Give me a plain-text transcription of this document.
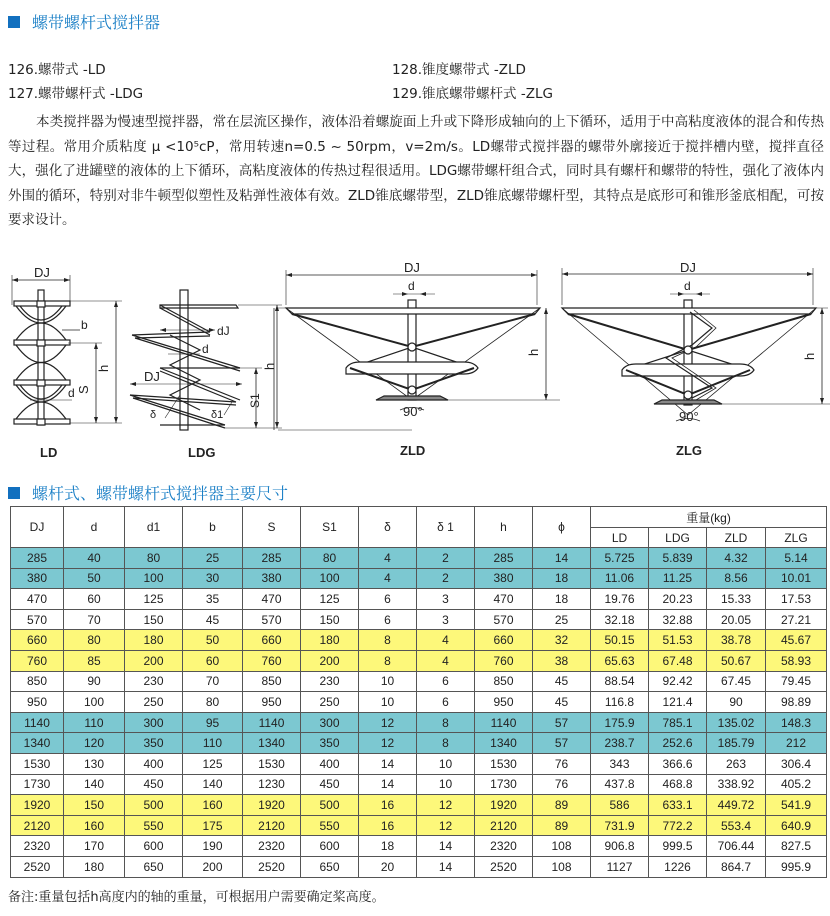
螺带螺杆式搅拌器
126.螺带式 -LD
127.螺带螺杆式 -LDG
128.锥度螺带式 -ZLD
129.锥底螺带螺杆式 -ZLG
本类搅拌器为慢速型搅拌器，常在层流区操作，液体沿着螺旋面上升或下降形成轴向的上下循环，适用于中高粘度液体的混合和传热等过程。常用介质粘度 μ <10⁵cP，常用转速n=0.5 ~ 50rpm，v=2m/s。LD螺带式搅拌器的螺带外廓接近于搅拌槽内壁，搅拌直径大，强化了进罐壁的液体的上下循环，高粘度液体的传热过程很适用。LDG螺带螺杆组合式，同时具有螺杆和螺带的特性，强化了液体内外围的循环，特别对非牛顿型似塑性及粘弹性液体有效。ZLD锥底螺带型，ZLD锥底螺带螺杆型，其特点是底形可和锥形釜底相配，可按要求设计。
DJ
b
h
S
d
LD
dJ
d
DJ
δ	δ1
S1
h
LDG
DJ
d
h
90°
ZLD
DJ
d
h
90°
ZLG
螺杆式、螺带螺杆式搅拌器主要尺寸
DJ	d	d1	b	S	S1	δ	δ 1	h	ϕ	重量(kg)			
										LD	LDG	ZLD	ZLG
285	40	80	25	285	80	4	2	285	14	5.725	5.839	4.32	5.14
380	50	100	30	380	100	4	2	380	18	11.06	11.25	8.56	10.01
470	60	125	35	470	125	6	3	470	18	19.76	20.23	15.33	17.53
570	70	150	45	570	150	6	3	570	25	32.18	32.88	20.05	27.21
660	80	180	50	660	180	8	4	660	32	50.15	51.53	38.78	45.67
760	85	200	60	760	200	8	4	760	38	65.63	67.48	50.67	58.93
850	90	230	70	850	230	10	6	850	45	88.54	92.42	67.45	79.45
950	100	250	80	950	250	10	6	950	45	116.8	121.4	90	98.89
1140	110	300	95	1140	300	12	8	1140	57	175.9	785.1	135.02	148.3
1340	120	350	110	1340	350	12	8	1340	57	238.7	252.6	185.79	212
1530	130	400	125	1530	400	14	10	1530	76	343	366.6	263	306.4
1730	140	450	140	1230	450	14	10	1730	76	437.8	468.8	338.92	405.2
1920	150	500	160	1920	500	16	12	1920	89	586	633.1	449.72	541.9
2120	160	550	175	2120	550	16	12	2120	89	731.9	772.2	553.4	640.9
2320	170	600	190	2320	600	18	14	2320	108	906.8	999.5	706.44	827.5
2520	180	650	200	2520	650	20	14	2520	108	1127	1226	864.7	995.9
备注:重量包括h高度内的轴的重量，可根据用户需要确定桨高度。
